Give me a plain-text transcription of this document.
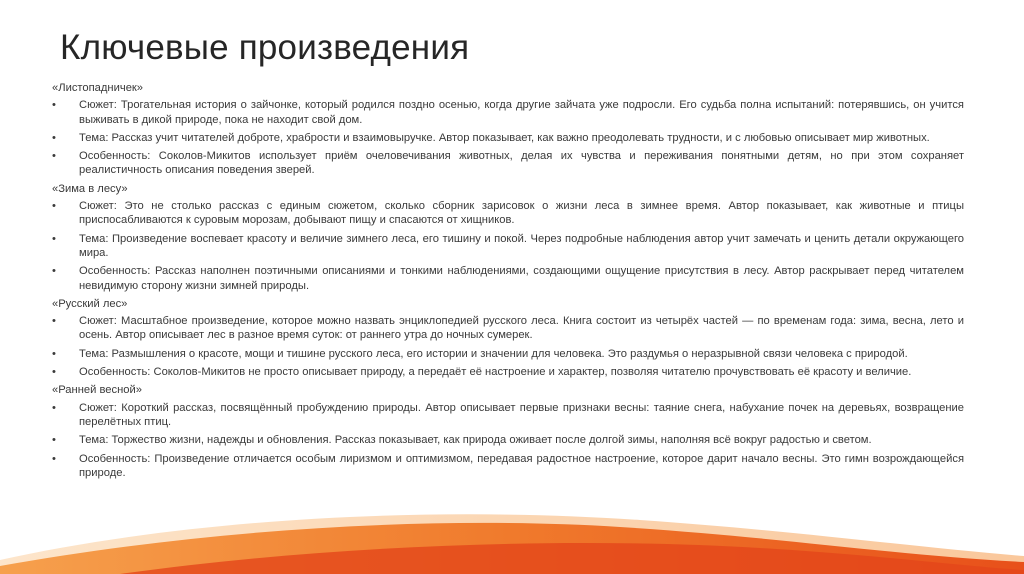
Ключевые произведения

«Листопадничек»

• Сюжет: Трогательная история о зайчонке, который родился поздно осенью, когда другие зайчата уже подросли. Его судьба полна испытаний: потерявшись, он учится выживать в дикой природе, пока не находит свой дом.

• Тема: Рассказ учит читателей доброте, храбрости и взаимовыручке. Автор показывает, как важно преодолевать трудности, и с любовью описывает мир животных.

• Особенность: Соколов-Микитов использует приём очеловечивания животных, делая их чувства и переживания понятными детям, но при этом сохраняет реалистичность описания поведения зверей.

«Зима в лесу»

• Сюжет: Это не столько рассказ с единым сюжетом, сколько сборник зарисовок о жизни леса в зимнее время. Автор показывает, как животные и птицы приспосабливаются к суровым морозам, добывают пищу и спасаются от хищников.

• Тема: Произведение воспевает красоту и величие зимнего леса, его тишину и покой. Через подробные наблюдения автор учит замечать и ценить детали окружающего мира.

• Особенность: Рассказ наполнен поэтичными описаниями и тонкими наблюдениями, создающими ощущение присутствия в лесу. Автор раскрывает перед читателем невидимую сторону жизни зимней природы.

«Русский лес»

• Сюжет: Масштабное произведение, которое можно назвать энциклопедией русского леса. Книга состоит из четырёх частей — по временам года: зима, весна, лето и осень. Автор описывает лес в разное время суток: от раннего утра до ночных сумерек.

• Тема: Размышления о красоте, мощи и тишине русского леса, его истории и значении для человека. Это раздумья о неразрывной связи человека с природой.

• Особенность: Соколов-Микитов не просто описывает природу, а передаёт её настроение и характер, позволяя читателю прочувствовать её красоту и величие.

«Ранней весной»

• Сюжет: Короткий рассказ, посвящённый пробуждению природы. Автор описывает первые признаки весны: таяние снега, набухание почек на деревьях, возвращение перелётных птиц.

• Тема: Торжество жизни, надежды и обновления. Рассказ показывает, как природа оживает после долгой зимы, наполняя всё вокруг радостью и светом.

• Особенность: Произведение отличается особым лиризмом и оптимизмом, передавая радостное настроение, которое дарит начало весны. Это гимн возрождающейся природе.
